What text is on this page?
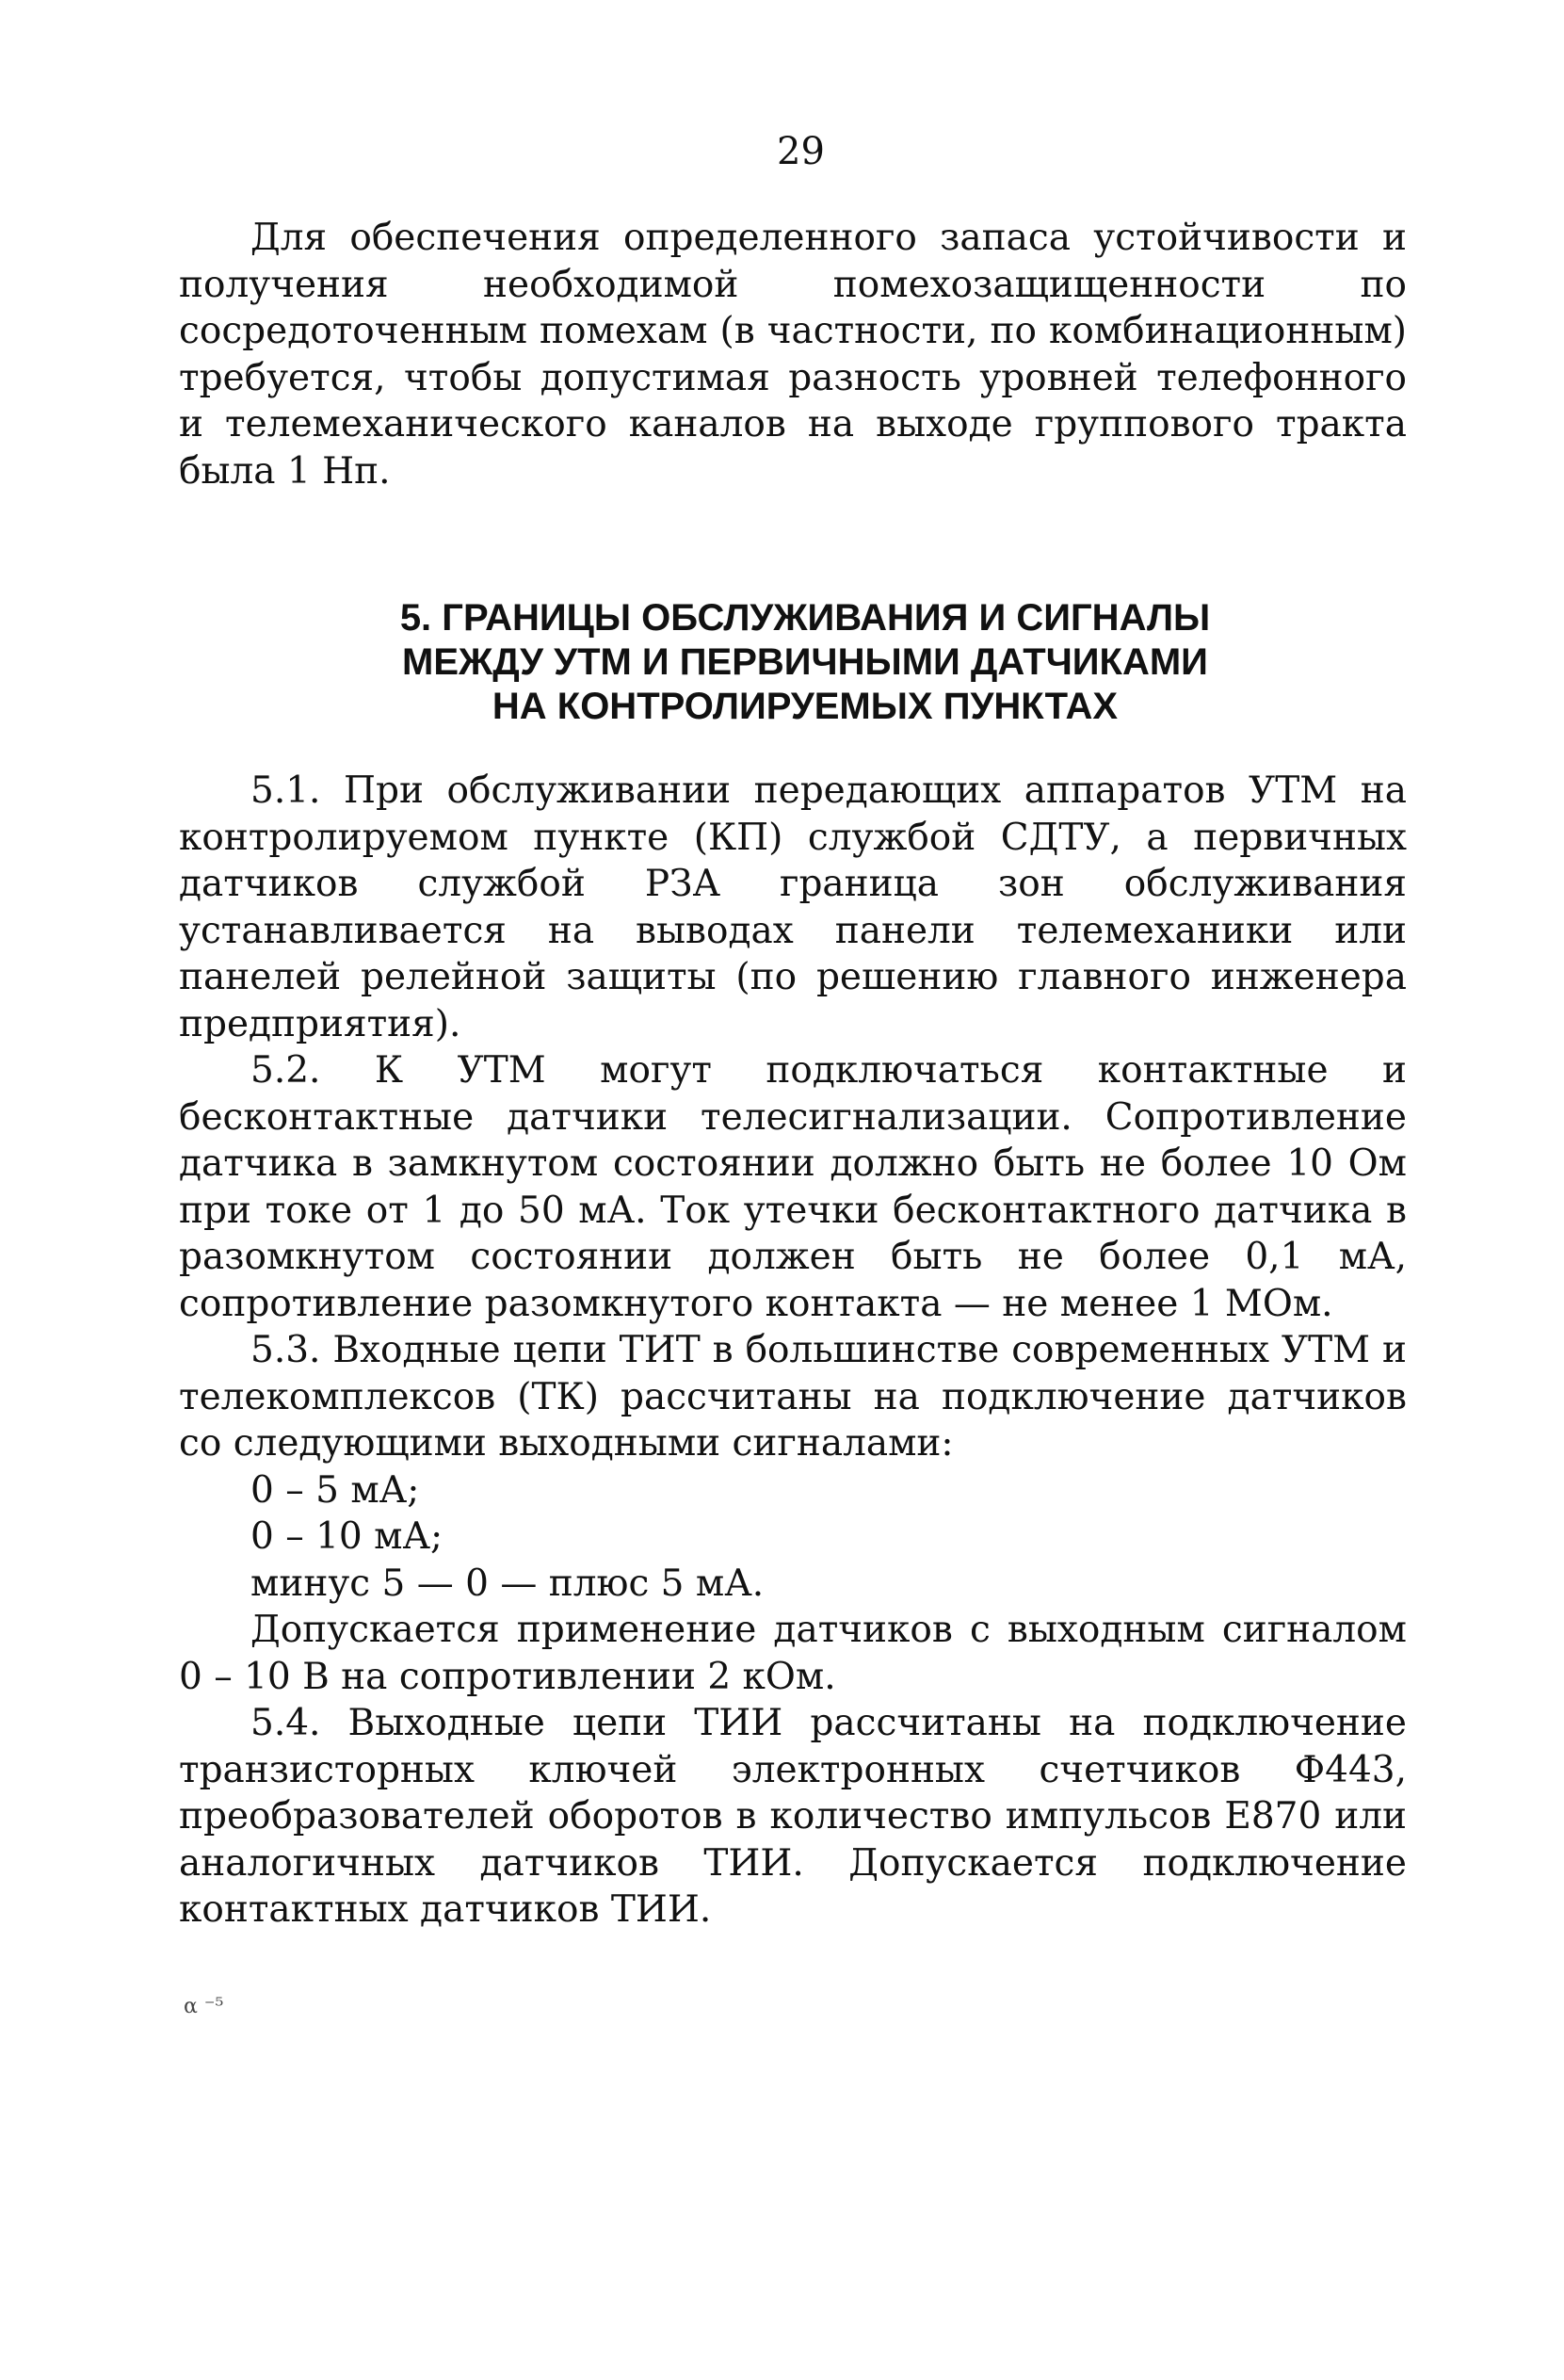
29

Для обеспечения определенного запаса устойчивости и получения необходимой помехозащищенности по сосредоточенным помехам (в частности, по комбинационным) требуется, чтобы допустимая разность уровней телефонного и телемеханического каналов на выходе группового тракта была 1 Нп.

5. ГРАНИЦЫ ОБСЛУЖИВАНИЯ И СИГНАЛЫ
МЕЖДУ УТМ И ПЕРВИЧНЫМИ ДАТЧИКАМИ
НА КОНТРОЛИРУЕМЫХ ПУНКТАХ

5.1. При обслуживании передающих аппаратов УТМ на контролируемом пункте (КП) службой СДТУ, а первичных датчиков службой РЗА граница зон обслуживания устанавливается на выводах панели телемеханики или панелей релейной защиты (по решению главного инженера предприятия).

5.2. К УТМ могут подключаться контактные и бесконтактные датчики телесигнализации. Сопротивление датчика в замкнутом состоянии должно быть не более 10 Ом при токе от 1 до 50 мА. Ток утечки бесконтактного датчика в разомкнутом состоянии должен быть не более 0,1 мА, сопротивление разомкнутого контакта — не менее 1 МОм.

5.3. Входные цепи ТИТ в большинстве современных УТМ и телекомплексов (ТК) рассчитаны на подключение датчиков со следующими выходными сигналами:

0 – 5 мА;

0 – 10 мА;

минус 5 — 0 — плюс 5 мА.

Допускается применение датчиков с выходным сигналом 0 – 10 В на сопротивлении 2 кОм.

5.4. Выходные цепи ТИИ рассчитаны на подключение транзисторных ключей электронных счетчиков Ф443, преобразователей оборотов в количество импульсов Е870 или аналогичных датчиков ТИИ. Допускается подключение контактных датчиков ТИИ.

α ⁻⁵
